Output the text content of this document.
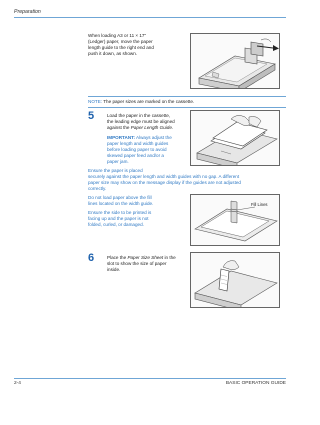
Preparation
When loading A3 or 11 × 17"
(Ledger) paper, move the paper
length guide to the right end and
push it down, as shown.
NOTE: The paper sizes are marked on the cassette.
5	Load the paper in the cassette,
the leading edge must be aligned
against the Paper Length Guide.
IMPORTANT: Always adjust the
paper length and width guides
before loading paper to avoid
skewed paper feed and/or a
paper jam.
Ensure the paper is placed
securely against the paper length and width guides with no gap. A different
paper size may show on the message display if the guides are not adjusted
correctly.
Do not load paper above the fill
lines located on the width guide.
Ensure the side to be printed is
facing up and the paper is not
folded, curled, or damaged.
Fill Lines
6	Place the Paper Size Sheet in the
slot to show the size of paper
inside.
2-4	BASIC OPERATION GUIDE
